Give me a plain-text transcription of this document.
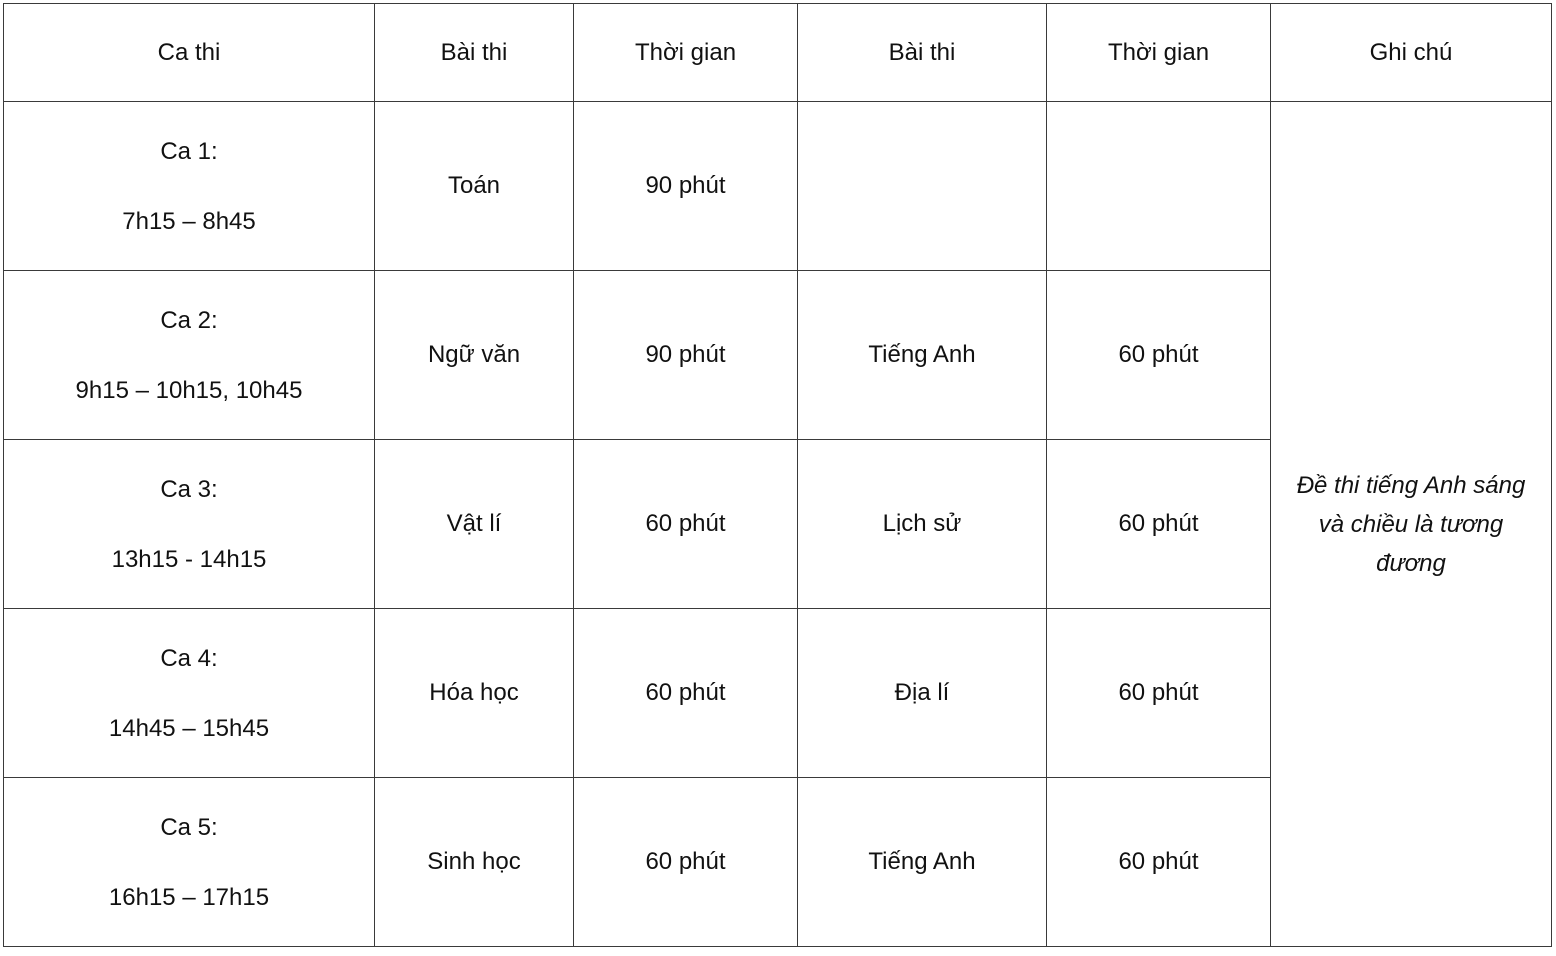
Ca thi	Bài thi	Thời gian	Bài thi	Thời gian	Ghi chú

Ca 1:
7h15 – 8h45	Toán	90 phút			Đề thi tiếng Anh sáng và chiều là tương đương

Ca 2:
9h15 – 10h15, 10h45	Ngữ văn	90 phút	Tiếng Anh	60 phút	

Ca 3:
13h15 - 14h15	Vật lí	60 phút	Lịch sử	60 phút	

Ca 4:
14h45 – 15h45	Hóa học	60 phút	Địa lí	60 phút	

Ca 5:
16h15 – 17h15	Sinh học	60 phút	Tiếng Anh	60 phút	
